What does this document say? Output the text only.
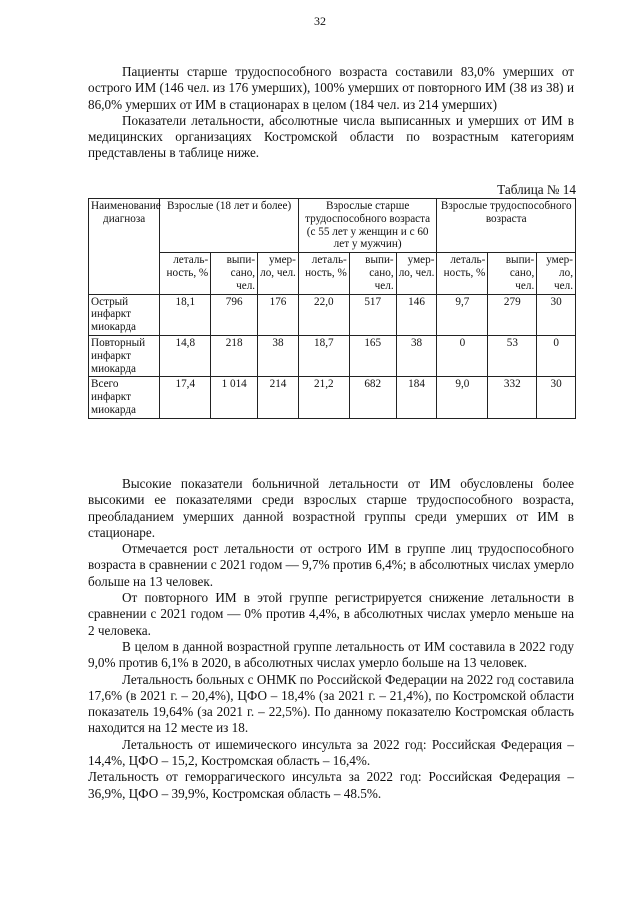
32

Пациенты старше трудоспособного возраста составили 83,0% умерших от острого ИМ (146 чел. из 176 умерших), 100% умерших от повторного ИМ (38 из 38) и 86,0% умерших от ИМ в стационарах в целом (184 чел. из 214 умерших)

Показатели летальности, абсолютные числа выписанных и умерших от ИМ в медицинских организациях Костромской области по возрастным категориям представлены в таблице ниже.

Таблица № 14
Наименование диагноза	Взрослые (18 лет и более)			Взрослые старше трудоспособного возраста (с 55 лет у женщин и с 60 лет у мужчин)			Взрослые трудоспособного возраста		
	леталь-ность, %	выпи-сано, чел.	умер-ло, чел.	леталь-ность, %	выпи-сано, чел.	умер-ло, чел.	леталь-ность, %	выпи-сано, чел.	умер-ло, чел.
Острый инфаркт миокарда	18,1	796	176	22,0	517	146	9,7	279	30
Повторный инфаркт миокарда	14,8	218	38	18,7	165	38	0	53	0
Всего инфаркт миокарда	17,4	1 014	214	21,2	682	184	9,0	332	30

Высокие показатели больничной летальности от ИМ обусловлены более высокими ее показателями среди взрослых старше трудоспособного возраста, преобладанием умерших данной возрастной группы среди умерших от ИМ в стационаре.

Отмечается рост летальности от острого ИМ в группе лиц трудоспособного возраста в сравнении с 2021 годом — 9,7% против 6,4%; в абсолютных числах умерло больше на 13 человек.

От повторного ИМ в этой группе регистрируется снижение летальности в сравнении с 2021 годом — 0% против 4,4%, в абсолютных числах умерло меньше на 2 человека.

В целом в данной возрастной группе летальность от ИМ составила в 2022 году 9,0% против 6,1% в 2020, в абсолютных числах умерло больше на 13 человек.

Летальность больных с ОНМК по Российской Федерации на 2022 год составила 17,6% (в 2021 г. – 20,4%), ЦФО – 18,4% (за 2021 г. – 21,4%), по Костромской области показатель 19,64% (за 2021 г. – 22,5%). По данному показателю Костромская область находится на 12 месте из 18.

Летальность от ишемического инсульта за 2022 год: Российская Федерация – 14,4%, ЦФО – 15,2, Костромская область – 16,4%.

Летальность от геморрагического инсульта за 2022 год: Российская Федерация – 36,9%, ЦФО – 39,9%, Костромская область – 48.5%.
